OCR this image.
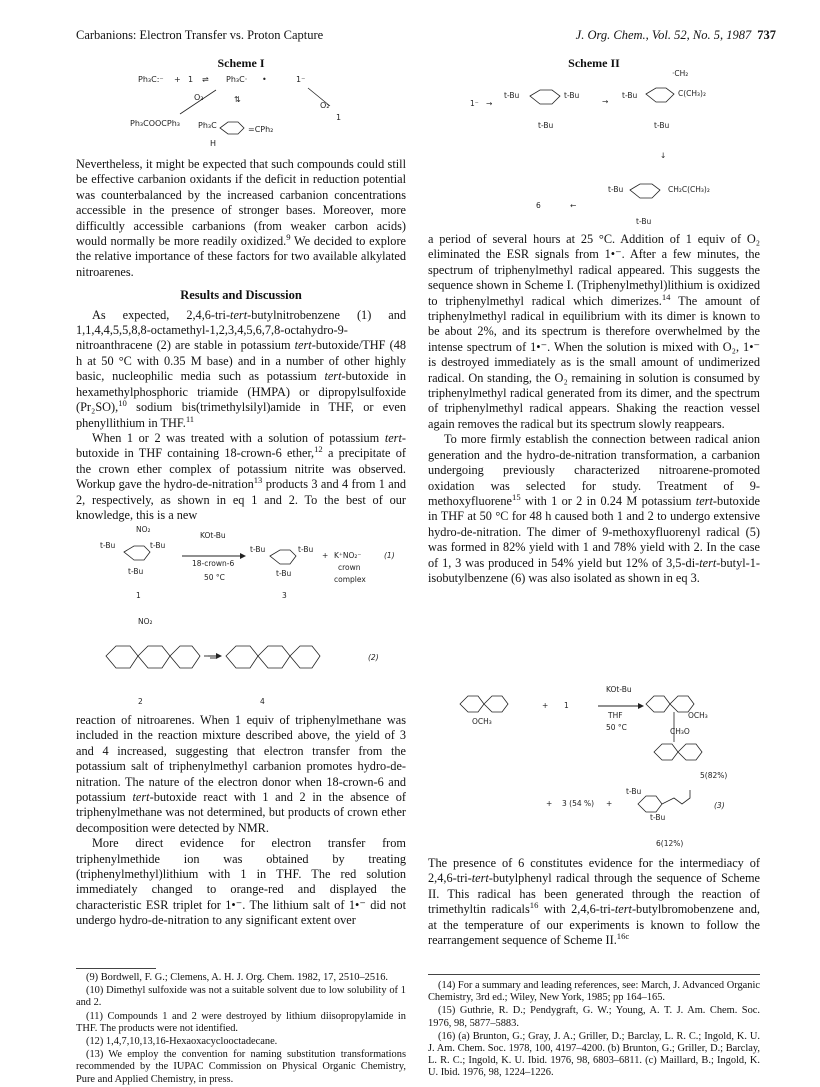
Carbanions: Electron Transfer vs. Proton Capture	J. Org. Chem., Vol. 52, No. 5, 1987 737
Scheme I
Ph₃C:⁻ + 1 ⇌ Ph₃C· •	1⁻
O₂	⇅
O₂
1
Ph₃COOCPh₃ Ph₃C
H
=CPh₂
Scheme II
1⁻ →
t-Bu	t-Bu
t-Bu
→
·CH₂
C(CH₃)₂
t-Bu
t-Bu
↓
6	←
t-Bu	CH₂C(CH₃)₂
t-Bu

Nevertheless, it might be expected that such compounds could still be effective carbanion oxidants if the deficit in reduction potential was counterbalanced by the increased carbanion concentrations accessible in the presence of stronger bases. Moreover, more difficultly accessible carbanions (from weaker carbon acids) would normally be more readily oxidized.$^9$ We decided to explore the relative importance of these factors for two available alkylated nitroarenes.

Results and Discussion

As expected, 2,4,6-tri-tert-butylnitrobenzene (1) and 1,1,4,4,5,5,8,8-octamethyl-1,2,3,4,5,6,7,8-octahydro-9-nitroanthracene (2) are stable in potassium tert-butoxide/THF (48 h at 50 °C with 0.35 M base) and in a number of other highly basic, nucleophilic media such as potassium tert-butoxide in hexamethylphosphoric triamide (HMPA) or dipropylsulfoxide (Pr₂SO),$^{10}$ sodium bis(trimethylsilyl)amide in THF, or even phenyllithium in THF.$^{11}$

When 1 or 2 was treated with a solution of potassium tert-butoxide in THF containing 18-crown-6 ether,$^{12}$ a precipitate of the crown ether complex of potassium nitrite was observed. Workup gave the hydro-de-nitration$^{13}$ products 3 and 4 from 1 and 2, respectively, as shown in eq 1 and 2. To the best of our knowledge, this is a new

NO₂
t-Bu	t-Bu
t-Bu
1
KOt-Bu
18-crown-6
50 °C
t-Bu	t-Bu
t-Bu
3
+ K⁺NO₂⁻
crown
complex
(1)
NO₂
2	4
(2)

reaction of nitroarenes. When 1 equiv of triphenylmethane was included in the reaction mixture described above, the yield of 3 and 4 increased, suggesting that electron transfer from the potassium salt of triphenylmethyl carbanion promotes hydro-de-nitration. The nature of the electron donor when 18-crown-6 and potassium tert-butoxide react with 1 and 2 in the absence of triphenylmethane was not determined, but products of crown ether decomposition were detected by NMR.

More direct evidence for electron transfer from triphenylmethide ion was obtained by treating (triphenylmethyl)lithium with 1 in THF. The red solution immediately changed to orange-red and displayed the characteristic ESR triplet for 1•⁻. The lithium salt of 1•⁻ did not undergo hydro-de-nitration to any significant extent over

a period of several hours at 25 °C. Addition of 1 equiv of O₂ eliminated the ESR signals from 1•⁻. After a few minutes, the spectrum of triphenylmethyl radical appeared. This suggests the sequence shown in Scheme I. (Triphenylmethyl)lithium is oxidized to triphenylmethyl radical which dimerizes.$^{14}$ The amount of triphenylmethyl radical in equilibrium with its dimer is known to be about 2%, and its spectrum is therefore overwhelmed by the intense spectrum of 1•⁻. When the solution is mixed with O₂, 1•⁻ is destroyed immediately as is the small amount of undimerized radical. On standing, the O₂ remaining in solution is consumed by triphenylmethyl radical generated from its dimer, and the spectrum of triphenylmethyl radical appears. Shaking the reaction vessel again removes the radical but its spectrum slowly reappears.

To more firmly establish the connection between radical anion generation and the hydro-de-nitration transformation, a carbanion undergoing previously characterized nitroarene-promoted oxidation was selected for study. Treatment of 9-methoxyfluorene$^{15}$ with 1 or 2 in 0.24 M potassium tert-butoxide in THF at 50 °C for 48 h caused both 1 and 2 to undergo extensive hydro-de-nitration. The dimer of 9-methoxyfluorenyl radical (5) was formed in 82% yield with 1 and 78% yield with 2. In the case of 1, 3 was produced in 54% yield but 12% of 3,5-di-tert-butyl-1-isobutylbenzene (6) was also isolated as shown in eq 3.

+ 1
KOt-Bu
THF
50 °C
OCH₃
OCH₃
CH₃O
5(82%)
+ 3 (54 %) +
t-Bu
t-Bu
(3)
6(12%)

The presence of 6 constitutes evidence for the intermediacy of 2,4,6-tri-tert-butylphenyl radical through the sequence of Scheme II. This radical has been generated through the reaction of trimethyltin radicals$^{16}$ with 2,4,6-tri-tert-butylbromobenzene and, at the temperature of our experiments is known to follow the rearrangement sequence of Scheme II.$^{16c}$

(9) Bordwell, F. G.; Clemens, A. H. J. Org. Chem. 1982, 17, 2510–2516.

(10) Dimethyl sulfoxide was not a suitable solvent due to low solubility of 1 and 2.

(11) Compounds 1 and 2 were destroyed by lithium diisopropylamide in THF. The products were not identified.

(12) 1,4,7,10,13,16-Hexaoxacyclooctadecane.

(13) We employ the convention for naming substitution transformations recommended by the IUPAC Commission on Physical Organic Chemistry, Pure and Applied Chemistry, in press.

(14) For a summary and leading references, see: March, J. Advanced Organic Chemistry, 3rd ed.; Wiley, New York, 1985; pp 164–165.

(15) Guthrie, R. D.; Pendygraft, G. W.; Young, A. T. J. Am. Chem. Soc. 1976, 98, 5877–5883.

(16) (a) Brunton, G.; Gray, J. A.; Griller, D.; Barclay, L. R. C.; Ingold, K. U. J. Am. Chem. Soc. 1978, 100, 4197–4200. (b) Brunton, G.; Griller, D.; Barclay, L. R. C.; Ingold, K. U. Ibid. 1976, 98, 6803–6811. (c) Maillard, B.; Ingold, K. U. Ibid. 1976, 98, 1224–1226.
